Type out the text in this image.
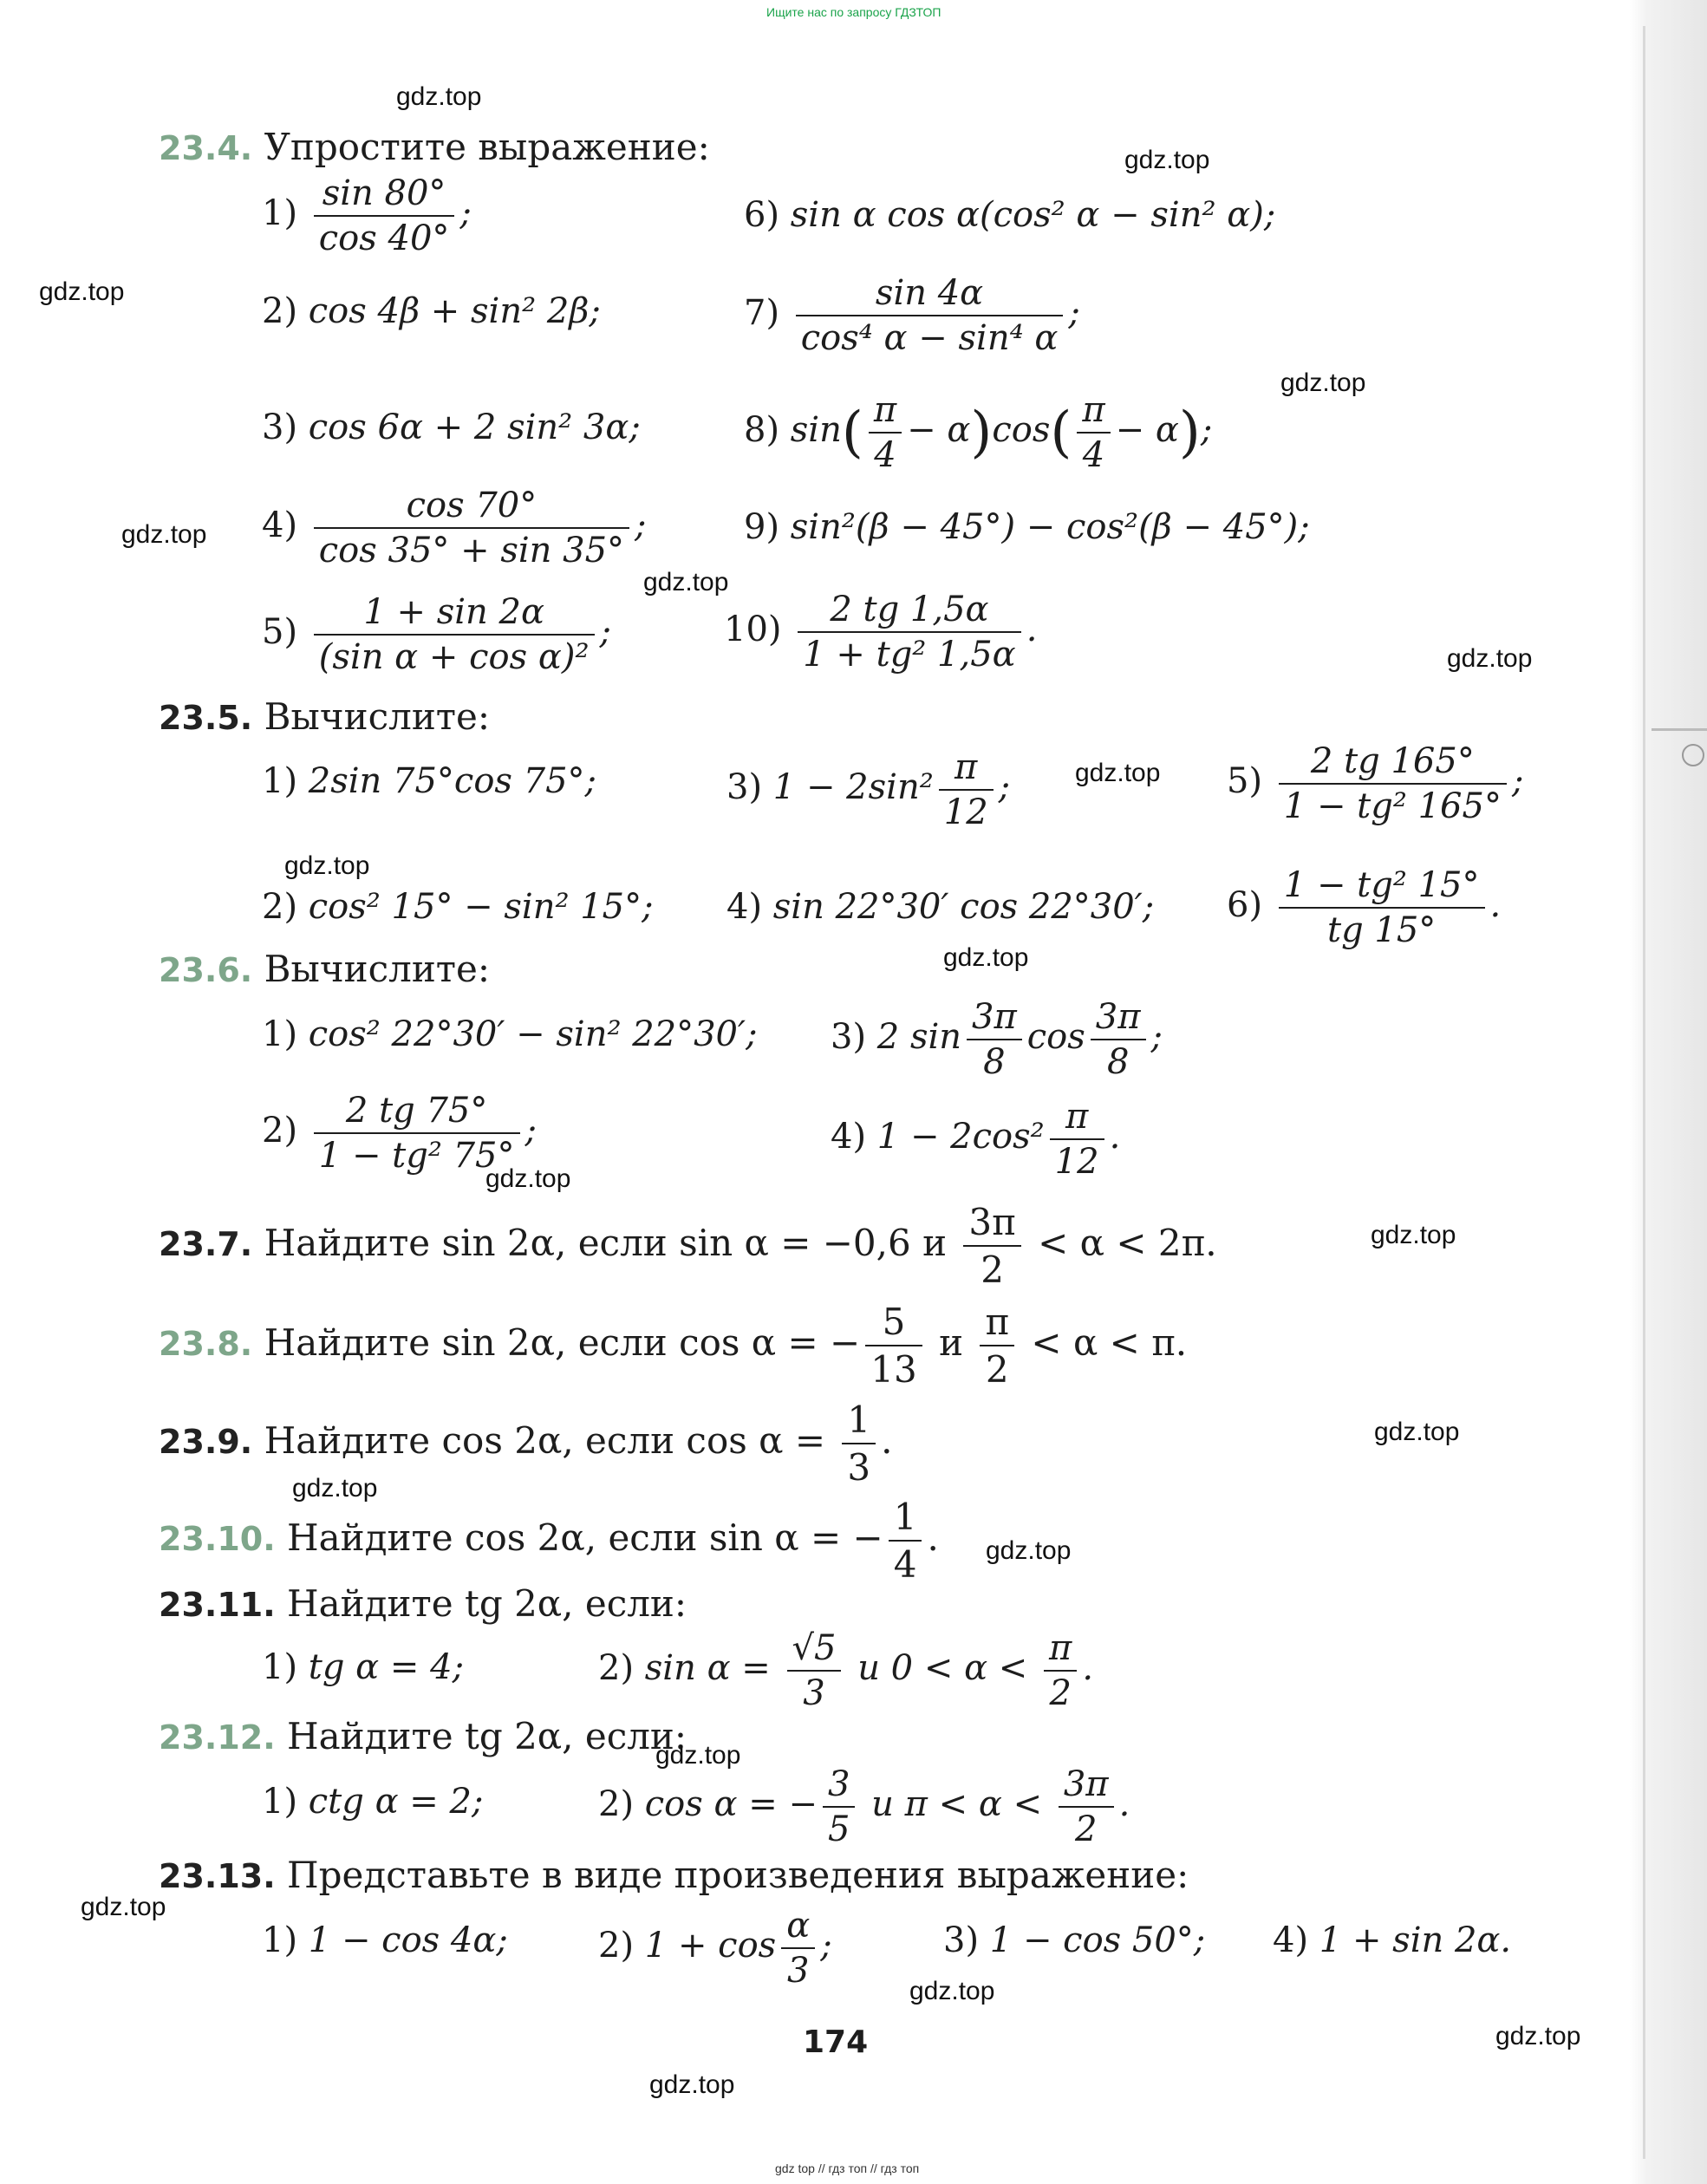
Ищите нас по запросу ГДЗТОП
23.4. Упростите выражение:
$1) \frac{\sin 80^\circ}{\cos 40^\circ}$ ;	6) sin α cos α(cos² α − sin² α);
2) cos 4β + sin² 2β;	$7) \frac{\sin 4\alpha}{\text{cos⁴ α − sin⁴ α}}$ ;
3) cos 6α + 2 sin² 3α;	8) $\sin( \frac{\pi}{4} - \alpha)\cos( \frac{\pi}{4} - \alpha)$;
$4) \frac{\cos 70^\circ}{\cos 35^\circ + \sin 35^\circ}$ ;	9) sin²(β − 45°) − cos²(β − 45°);
$5) \frac{1 + \sin 2\alpha}{\text{(sin α + cos α)²}}$ ;	$10) \frac{2 tg 1,5\alpha}{\text{1 + tg² 1,5α}}$ .
23.5. Вычислите:
1) 2sin 75°cos 75°;	3) $1 - 2\sin^2 \frac{\pi}{12}$ ;	$5) \frac{2 tg 165^\circ}{\text{1 − tg² 165°}}$ ;
2) cos² 15° − sin² 15°; 4) sin 22°30′ cos 22°30′; $6) \frac{\text{1 − tg² 15°}}{tg 15^\circ}$ .
23.6. Вычислите:
1) cos² 22°30′ − sin² 22°30′; 3) 2 $\sin \frac{3\pi}{8}$ $\cos \frac{3\pi}{8}$ ;
$2) \frac{2 tg 75^\circ}{\text{1 − tg² 75°}}$ ;	4) $1 - 2\cos^2 \frac{\pi}{12}$ .
23.7. Найдите sin 2α, если sin α = −0,6 и $\frac{3\pi}{2} < \alpha < 2\pi$.
23.8. Найдите sin 2α, если cos α = − $\frac{5}{13}$ и $\frac{\pi}{2} < \alpha < \pi$.
23.9. Найдите cos 2α, если $\cos \alpha = \frac{1}{3}$ .
23.10. Найдите cos 2α, если sin α = − $\frac{1}{4}$ .
23.11. Найдите tg 2α, если:
1) tg α = 4;	2) $\sin \alpha = \frac{√5}{3}$ и $0 < \alpha < \frac{\pi}{2}$ .
23.12. Найдите tg 2α, если:
1) ctg α = 2;	2) cos α = − $\frac{3}{5}$ и $\pi < \alpha < \frac{3\pi}{2}$ .
23.13. Представьте в виде произведения выражение:
1) 1 − cos 4α;	2) $1 + \cos \frac{\alpha}{3}$ ;	3) 1 − cos 50°; 4) 1 + sin 2α.
174
gdz top // гдз топ // гдз топ
gdz.top
gdz.top
gdz.top
gdz.top
gdz.top
gdz.top
gdz.top
gdz.top
gdz.top
gdz.top
gdz.top
gdz.top
gdz.top
gdz.top
gdz.top
gdz.top
gdz.top
gdz.top
gdz.top
gdz.top
